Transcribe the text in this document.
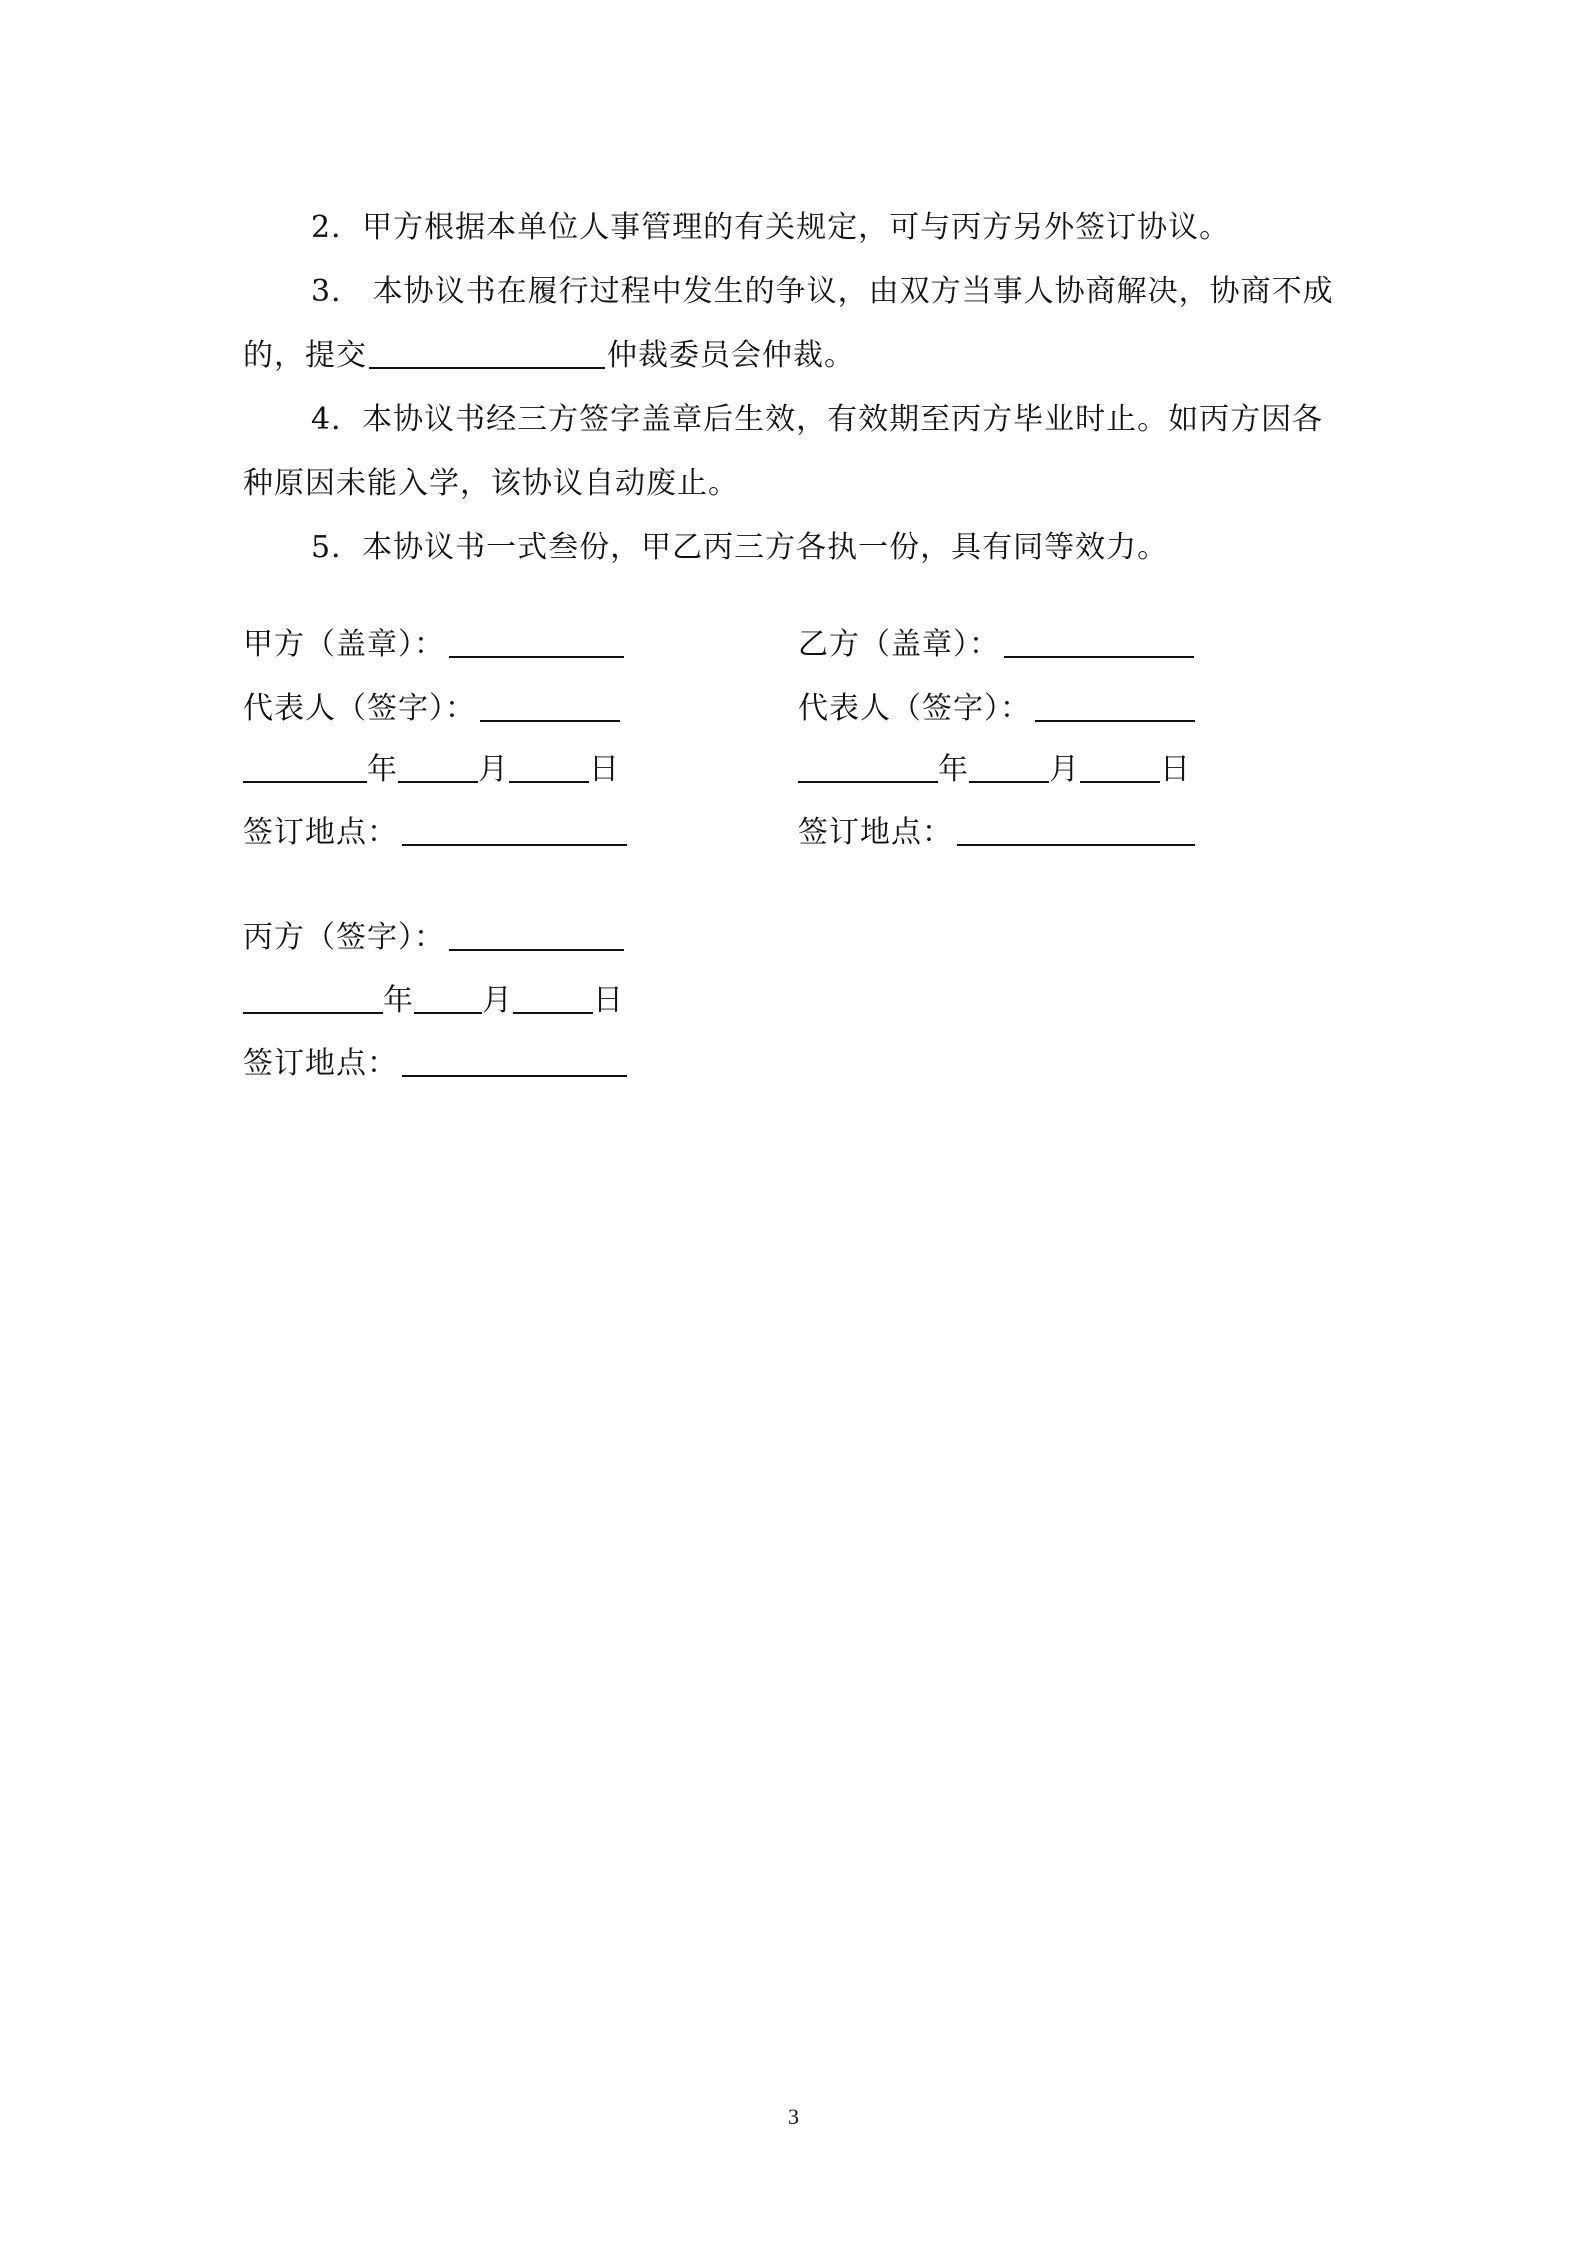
2．甲方根据本单位人事管理的有关规定，可与丙方另外签订协议。

3． 本协议书在履行过程中发生的争议，由双方当事人协商解决，协商不成的，提交	仲裁委员会仲裁。

4．本协议书经三方签字盖章后生效，有效期至丙方毕业时止。如丙方因各种原因未能入学，该协议自动废止。

5．本协议书一式叁份，甲乙丙三方各执一份，具有同等效力。

甲方（盖章）：
代表人（签字）：
年	月	日
签订地点：
乙方（盖章）：
代表人（签字）：
年	月	日
签订地点：
丙方（签字）：
年 月	日
签订地点：
3
